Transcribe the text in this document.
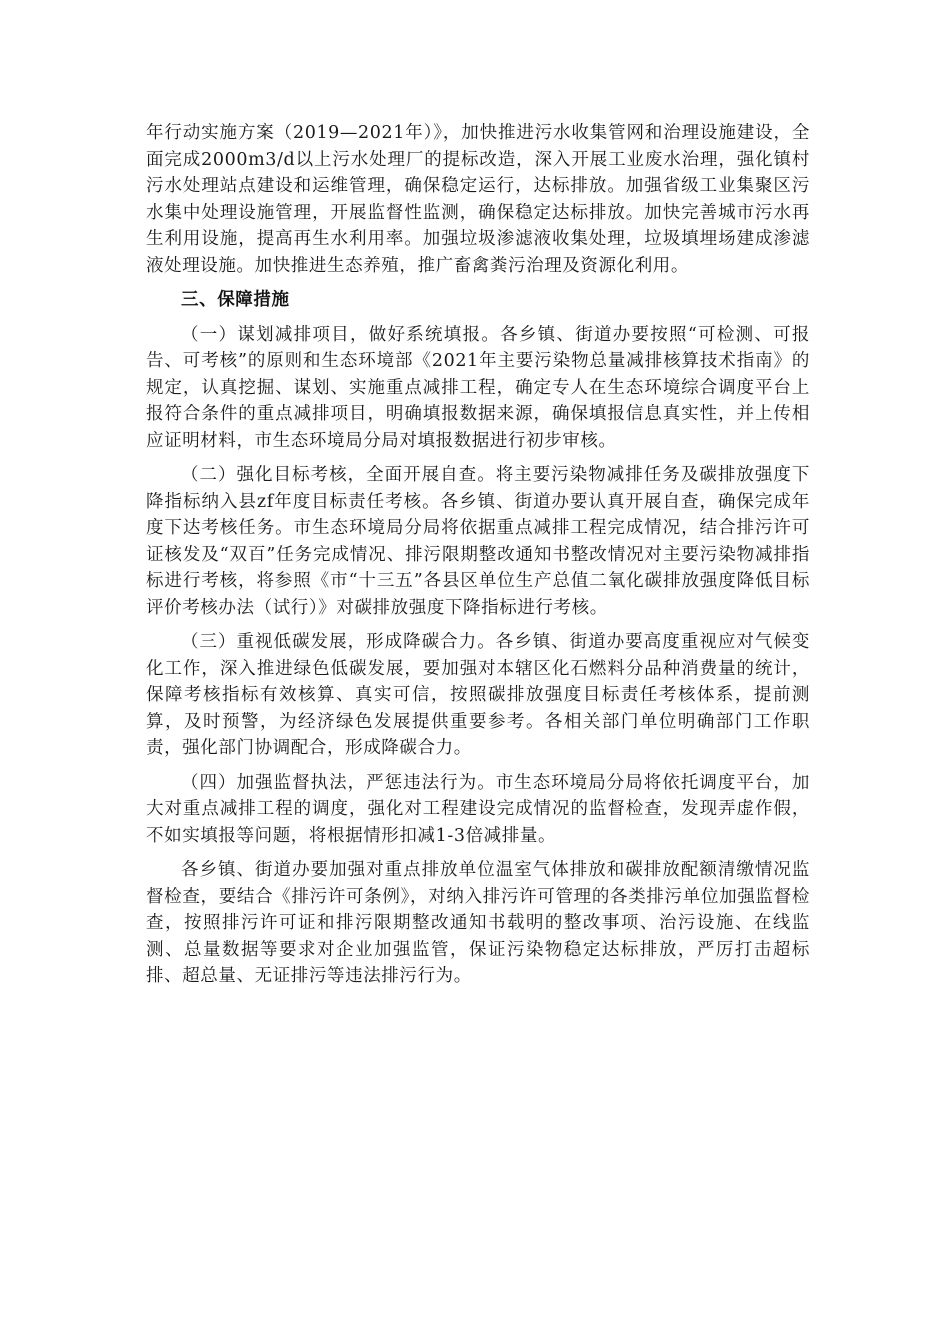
年行动实施方案（2019—2021年）》，加快推进污水收集管网和治理设施建设，全面完成2000m3/d以上污水处理厂的提标改造，深入开展工业废水治理，强化镇村污水处理站点建设和运维管理，确保稳定运行，达标排放。加强省级工业集聚区污水集中处理设施管理，开展监督性监测，确保稳定达标排放。加快完善城市污水再生利用设施，提高再生水利用率。加强垃圾渗滤液收集处理，垃圾填埋场建成渗滤液处理设施。加快推进生态养殖，推广畜禽粪污治理及资源化利用。

三、保障措施

（一）谋划减排项目，做好系统填报。各乡镇、街道办要按照“可检测、可报告、可考核”的原则和生态环境部《2021年主要污染物总量减排核算技术指南》的规定，认真挖掘、谋划、实施重点减排工程，确定专人在生态环境综合调度平台上报符合条件的重点减排项目，明确填报数据来源，确保填报信息真实性，并上传相应证明材料，市生态环境局分局对填报数据进行初步审核。

（二）强化目标考核，全面开展自查。将主要污染物减排任务及碳排放强度下降指标纳入县zf年度目标责任考核。各乡镇、街道办要认真开展自查，确保完成年度下达考核任务。市生态环境局分局将依据重点减排工程完成情况，结合排污许可证核发及“双百”任务完成情况、排污限期整改通知书整改情况对主要污染物减排指标进行考核，将参照《市“十三五”各县区单位生产总值二氧化碳排放强度降低目标评价考核办法（试行）》对碳排放强度下降指标进行考核。

（三）重视低碳发展，形成降碳合力。各乡镇、街道办要高度重视应对气候变化工作，深入推进绿色低碳发展，要加强对本辖区化石燃料分品种消费量的统计，保障考核指标有效核算、真实可信，按照碳排放强度目标责任考核体系，提前测算，及时预警，为经济绿色发展提供重要参考。各相关部门单位明确部门工作职责，强化部门协调配合，形成降碳合力。

（四）加强监督执法，严惩违法行为。市生态环境局分局将依托调度平台，加大对重点减排工程的调度，强化对工程建设完成情况的监督检查，发现弄虚作假，不如实填报等问题，将根据情形扣减1-3倍减排量。

各乡镇、街道办要加强对重点排放单位温室气体排放和碳排放配额清缴情况监督检查，要结合《排污许可条例》，对纳入排污许可管理的各类排污单位加强监督检查，按照排污许可证和排污限期整改通知书载明的整改事项、治污设施、在线监测、总量数据等要求对企业加强监管，保证污染物稳定达标排放，严厉打击超标排、超总量、无证排污等违法排污行为。
